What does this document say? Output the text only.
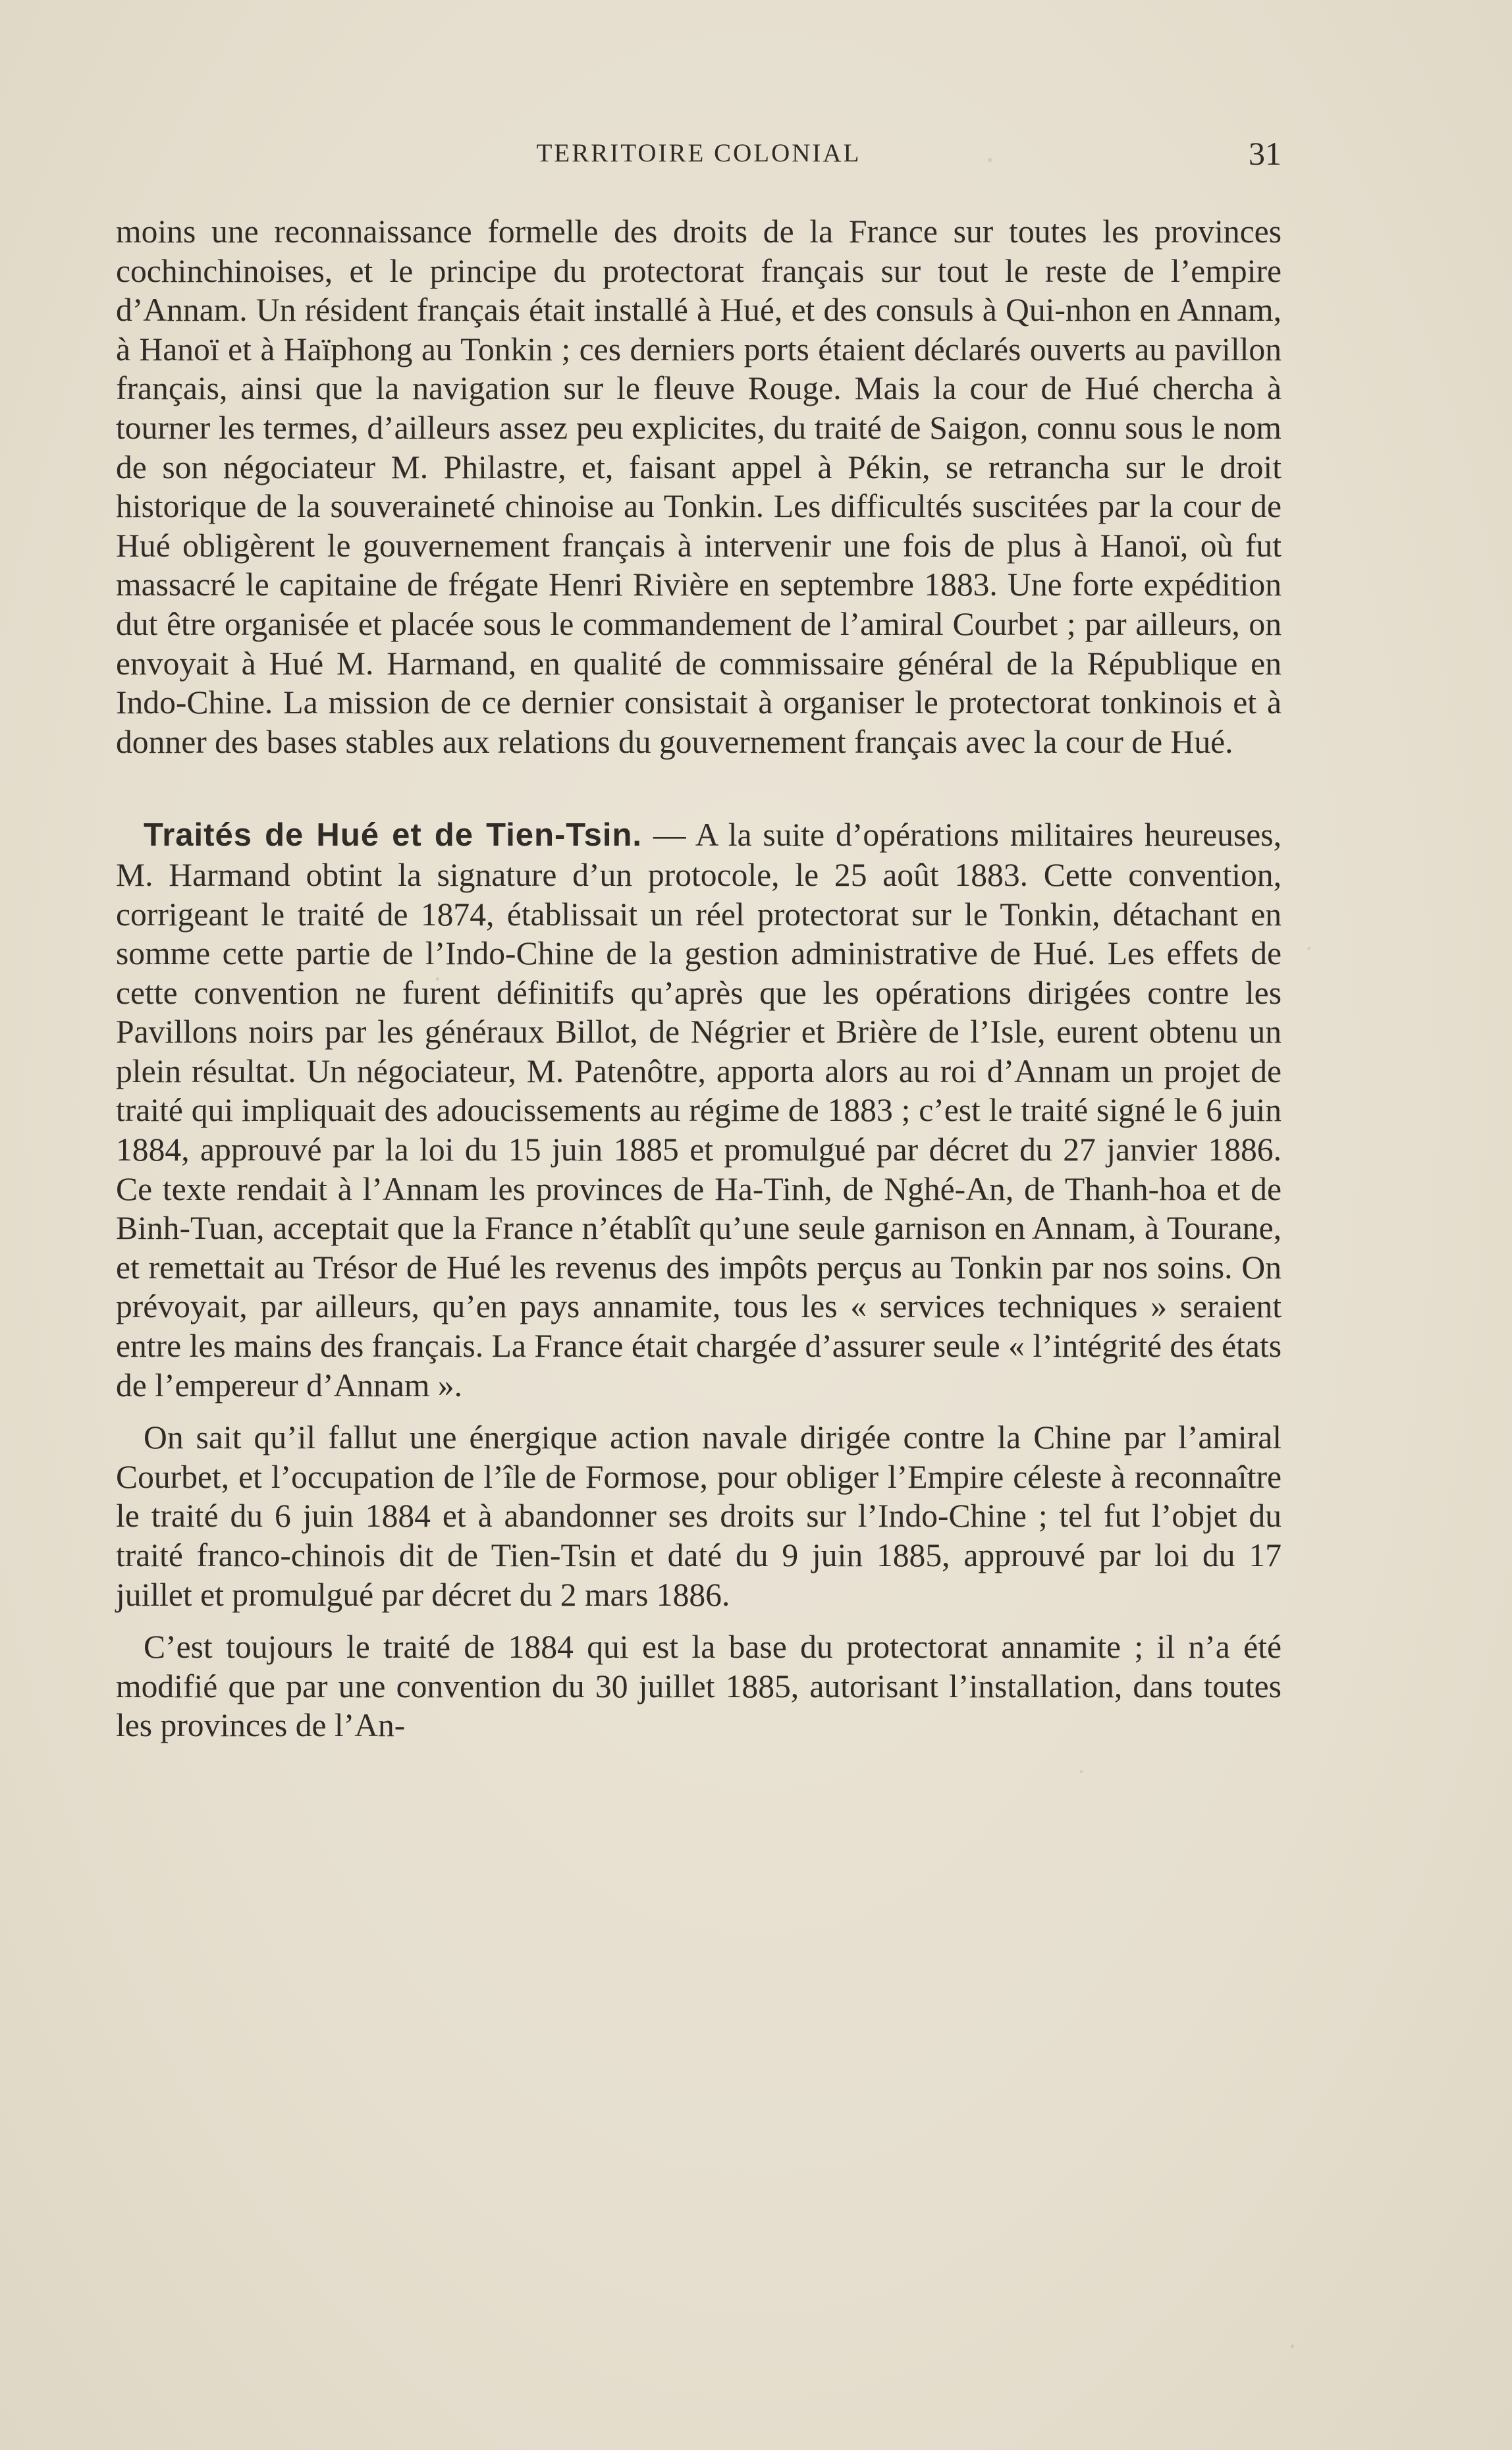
TERRITOIRE COLONIAL	31

moins une reconnaissance formelle des droits de la France sur toutes les provinces cochinchinoises, et le principe du protectorat français sur tout le reste de l’empire d’Annam. Un résident français était installé à Hué, et des consuls à Qui-nhon en Annam, à Hanoï et à Haïphong au Tonkin ; ces derniers ports étaient déclarés ouverts au pavillon français, ainsi que la navigation sur le fleuve Rouge. Mais la cour de Hué chercha à tourner les termes, d’ailleurs assez peu explicites, du traité de Saigon, connu sous le nom de son négociateur M. Philastre, et, faisant appel à Pékin, se retrancha sur le droit historique de la souveraineté chinoise au Tonkin. Les difficultés suscitées par la cour de Hué obligèrent le gouvernement français à intervenir une fois de plus à Hanoï, où fut massacré le capitaine de frégate Henri Rivière en septembre 1883. Une forte expédition dut être organisée et placée sous le commandement de l’amiral Courbet ; par ailleurs, on envoyait à Hué M. Harmand, en qualité de commissaire général de la République en Indo-Chine. La mission de ce dernier consistait à organiser le protectorat tonkinois et à donner des bases stables aux relations du gouvernement français avec la cour de Hué.

Traités de Hué et de Tien-Tsin. — A la suite d’opérations militaires heureuses, M. Harmand obtint la signature d’un protocole, le 25 août 1883. Cette convention, corrigeant le traité de 1874, établissait un réel protectorat sur le Tonkin, détachant en somme cette partie de l’Indo-Chine de la gestion administrative de Hué. Les effets de cette convention ne furent définitifs qu’après que les opérations dirigées contre les Pavillons noirs par les généraux Billot, de Négrier et Brière de l’Isle, eurent obtenu un plein résultat. Un négociateur, M. Patenôtre, apporta alors au roi d’Annam un projet de traité qui impliquait des adoucissements au régime de 1883 ; c’est le traité signé le 6 juin 1884, approuvé par la loi du 15 juin 1885 et promulgué par décret du 27 janvier 1886. Ce texte rendait à l’Annam les provinces de Ha-Tinh, de Nghé-An, de Thanh-hoa et de Binh-Tuan, acceptait que la France n’établît qu’une seule garnison en Annam, à Tourane, et remettait au Trésor de Hué les revenus des impôts perçus au Tonkin par nos soins. On prévoyait, par ailleurs, qu’en pays annamite, tous les « services techniques » seraient entre les mains des français. La France était chargée d’assurer seule « l’intégrité des états de l’empereur d’Annam ».

On sait qu’il fallut une énergique action navale dirigée contre la Chine par l’amiral Courbet, et l’occupation de l’île de Formose, pour obliger l’Empire céleste à reconnaître le traité du 6 juin 1884 et à abandonner ses droits sur l’Indo-Chine ; tel fut l’objet du traité franco-chinois dit de Tien-Tsin et daté du 9 juin 1885, approuvé par loi du 17 juillet et promulgué par décret du 2 mars 1886.

C’est toujours le traité de 1884 qui est la base du protectorat annamite ; il n’a été modifié que par une convention du 30 juillet 1885, autorisant l’installation, dans toutes les provinces de l’An-
